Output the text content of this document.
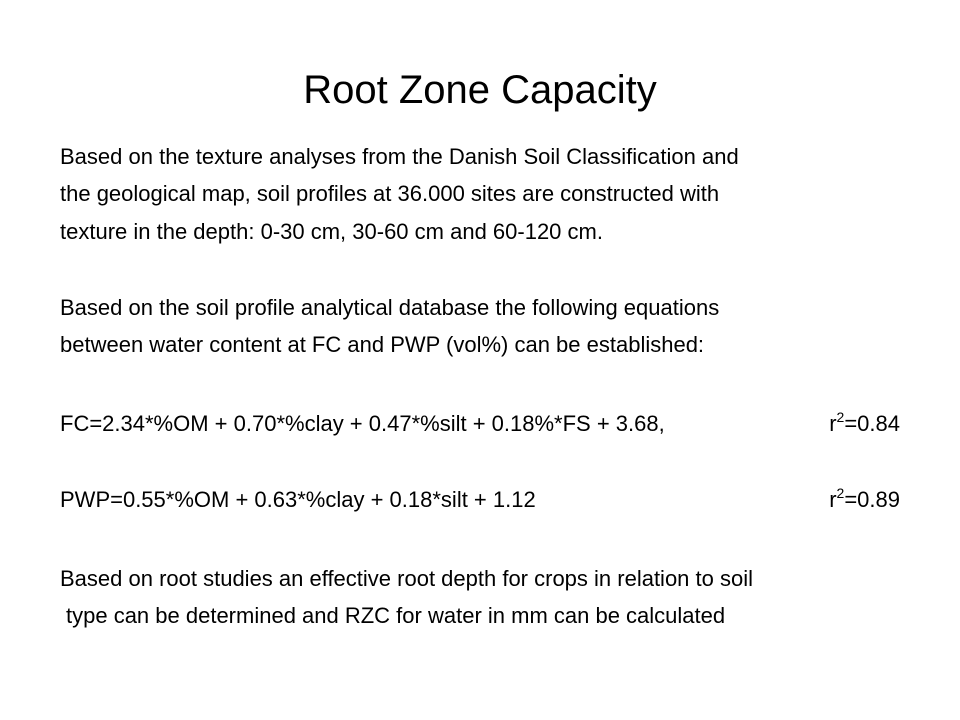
Root Zone Capacity
Based on the texture analyses from the Danish Soil Classification and
the geological map, soil profiles at 36.000 sites are constructed with
texture in the depth: 0-30 cm, 30-60 cm and 60-120 cm.
Based on the soil profile analytical database the following equations
between water content at FC and PWP (vol%) can be established:
FC=2.34*%OM + 0.70*%clay + 0.47*%silt + 0.18%*FS + 3.68,	$r^2=0.84$
PWP=0.55*%OM + 0.63*%clay + 0.18*silt + 1.12	$r^2=0.89$
Based on root studies an effective root depth for crops in relation to soil
type can be determined and RZC for water in mm can be calculated
